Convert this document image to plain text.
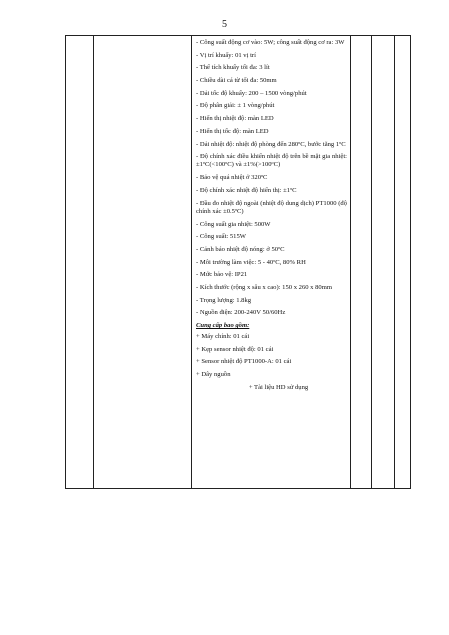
5
- Công suất động cơ vào: 5W; công suất động cơ ra: 3W
- Vị trí khuấy: 01 vị trí
- Thể tích khuấy tối đa: 3 lít
- Chiều dài cá từ tối đa: 50mm
- Dải tốc độ khuấy: 200 – 1500 vòng/phút
- Độ phân giải: ± 1 vòng/phút
- Hiển thị nhiệt độ: màn LED
- Hiển thị tốc độ: màn LED
- Dải nhiệt độ: nhiệt độ phòng đến 280ºC, bước tăng 1ºC
- Độ chính xác điều khiển nhiệt độ trên bề mặt gia nhiệt: ±1ºC(<100ºC) và ±1%(>100ºC)
- Bảo vệ quá nhiệt ở 320ºC
- Độ chính xác nhiệt độ hiển thị: ±1ºC
- Đầu đo nhiệt độ ngoài (nhiệt độ dung dịch) PT1000 (độ chính xác ±0.5ºC)
- Công suất gia nhiệt: 500W
- Công suất: 515W
- Cảnh báo nhiệt độ nóng: ở 50ºC
- Môi trường làm việc: 5 - 40ºC, 80% RH
- Mức bảo vệ: IP21
- Kích thước (rộng x sâu x cao): 150 x 260 x 80mm
- Trọng lượng: 1.8kg
- Nguồn điện: 200-240V 50/60Hz
Cung cấp bao gồm:
+ Máy chính: 01 cái
+ Kẹp sensor nhiệt độ: 01 cái
+ Sensor nhiệt độ PT1000-A: 01 cái
+ Dây nguồn
+ Tài liệu HD sử dụng
